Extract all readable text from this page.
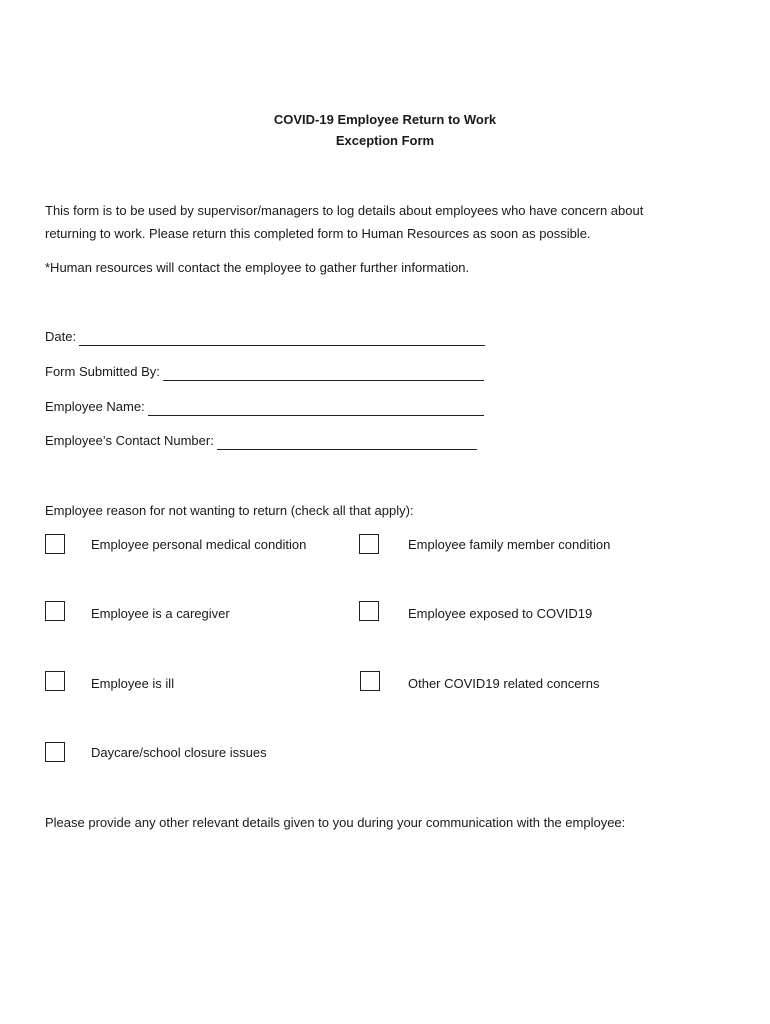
COVID-19 Employee Return to Work
Exception Form
This form is to be used by supervisor/managers to log details about employees who have concern about
returning to work. Please return this completed form to Human Resources as soon as possible.
*Human resources will contact the employee to gather further information.
Date:
Form Submitted By:
Employee Name:
Employee’s Contact Number:
Employee reason for not wanting to return (check all that apply):
Employee personal medical condition	Employee family member condition
Employee is a caregiver	Employee exposed to COVID19
Employee is ill	Other COVID19 related concerns
Daycare/school closure issues
Please provide any other relevant details given to you during your communication with the employee:
